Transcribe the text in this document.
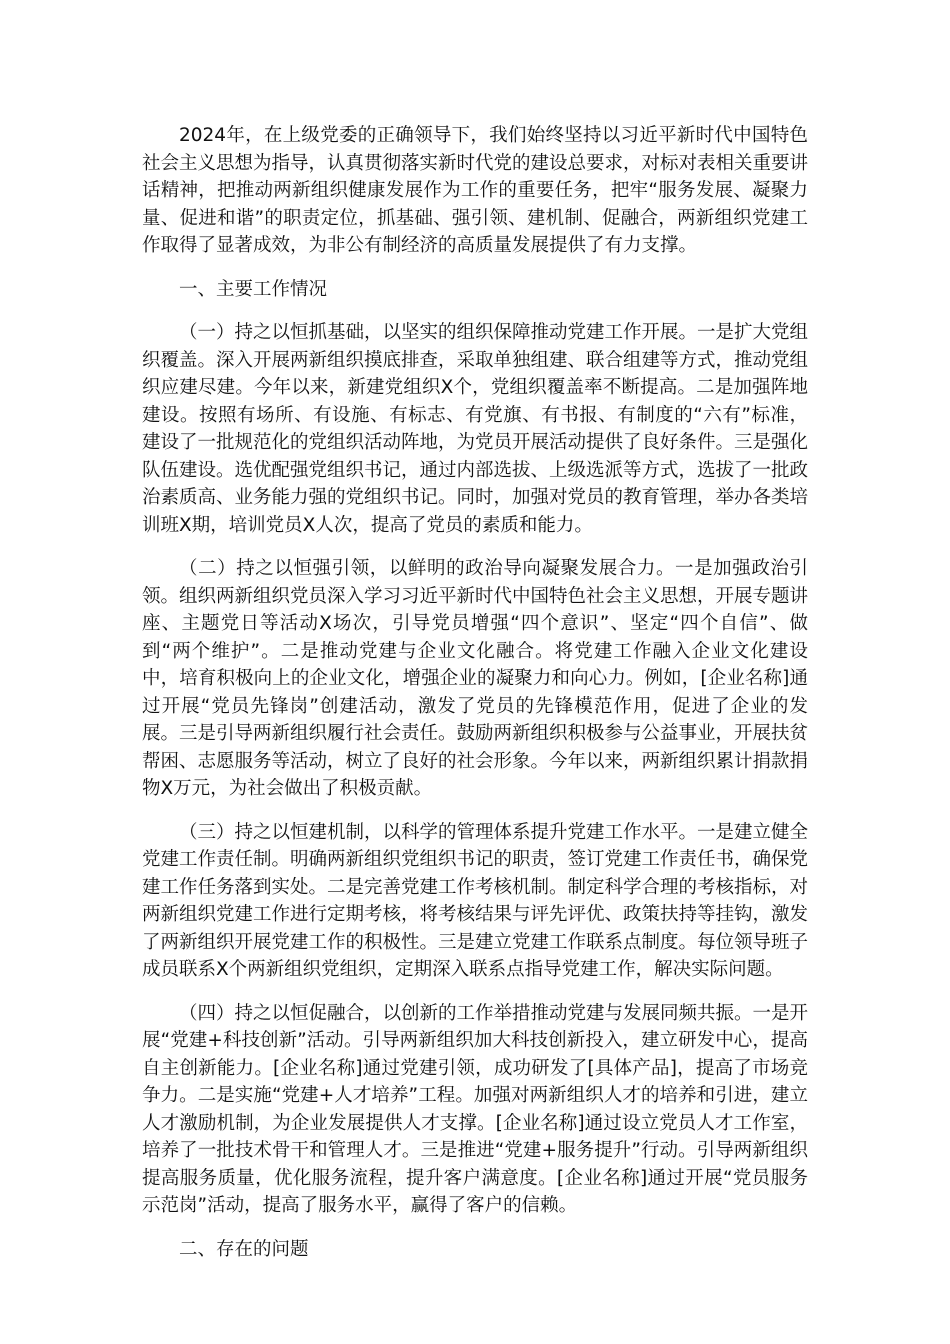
2024年，在上级党委的正确领导下，我们始终坚持以习近平新时代中国特色社会主义思想为指导，认真贯彻落实新时代党的建设总要求，对标对表相关重要讲话精神，把推动两新组织健康发展作为工作的重要任务，把牢“服务发展、凝聚力量、促进和谐”的职责定位，抓基础、强引领、建机制、促融合，两新组织党建工作取得了显著成效，为非公有制经济的高质量发展提供了有力支撑。

一、主要工作情况

（一）持之以恒抓基础，以坚实的组织保障推动党建工作开展。一是扩大党组织覆盖。深入开展两新组织摸底排查，采取单独组建、联合组建等方式，推动党组织应建尽建。今年以来，新建党组织X个，党组织覆盖率不断提高。二是加强阵地建设。按照有场所、有设施、有标志、有党旗、有书报、有制度的“六有”标准，建设了一批规范化的党组织活动阵地，为党员开展活动提供了良好条件。三是强化队伍建设。选优配强党组织书记，通过内部选拔、上级选派等方式，选拔了一批政治素质高、业务能力强的党组织书记。同时，加强对党员的教育管理，举办各类培训班X期，培训党员X人次，提高了党员的素质和能力。

（二）持之以恒强引领，以鲜明的政治导向凝聚发展合力。一是加强政治引领。组织两新组织党员深入学习习近平新时代中国特色社会主义思想，开展专题讲座、主题党日等活动X场次，引导党员增强“四个意识”、坚定“四个自信”、做到“两个维护”。二是推动党建与企业文化融合。将党建工作融入企业文化建设中，培育积极向上的企业文化，增强企业的凝聚力和向心力。例如，[企业名称]通过开展“党员先锋岗”创建活动，激发了党员的先锋模范作用，促进了企业的发展。三是引导两新组织履行社会责任。鼓励两新组织积极参与公益事业，开展扶贫帮困、志愿服务等活动，树立了良好的社会形象。今年以来，两新组织累计捐款捐物X万元，为社会做出了积极贡献。

（三）持之以恒建机制，以科学的管理体系提升党建工作水平。一是建立健全党建工作责任制。明确两新组织党组织书记的职责，签订党建工作责任书，确保党建工作任务落到实处。二是完善党建工作考核机制。制定科学合理的考核指标，对两新组织党建工作进行定期考核，将考核结果与评先评优、政策扶持等挂钩，激发了两新组织开展党建工作的积极性。三是建立党建工作联系点制度。每位领导班子成员联系X个两新组织党组织，定期深入联系点指导党建工作，解决实际问题。

（四）持之以恒促融合，以创新的工作举措推动党建与发展同频共振。一是开展“党建+科技创新”活动。引导两新组织加大科技创新投入，建立研发中心，提高自主创新能力。[企业名称]通过党建引领，成功研发了[具体产品]，提高了市场竞争力。二是实施“党建+人才培养”工程。加强对两新组织人才的培养和引进，建立人才激励机制，为企业发展提供人才支撑。[企业名称]通过设立党员人才工作室，培养了一批技术骨干和管理人才。三是推进“党建+服务提升”行动。引导两新组织提高服务质量，优化服务流程，提升客户满意度。[企业名称]通过开展“党员服务示范岗”活动，提高了服务水平，赢得了客户的信赖。

二、存在的问题
